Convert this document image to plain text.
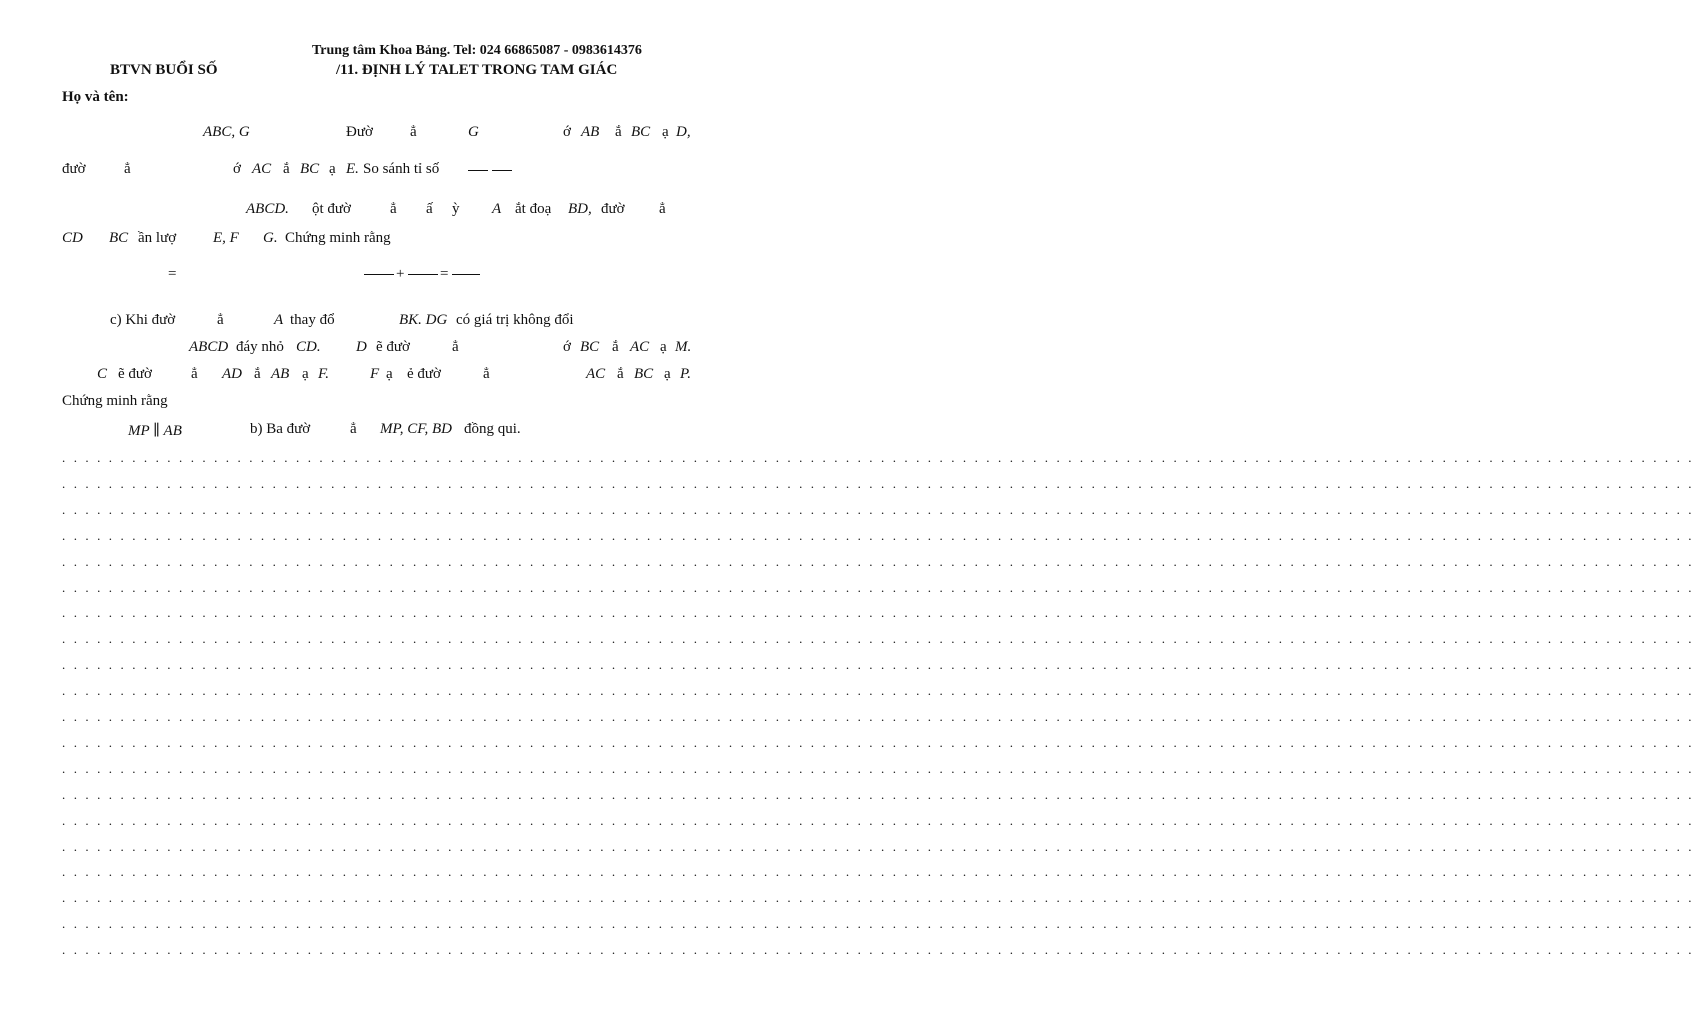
Trung tâm Khoa Bảng. Tel: 024 66865087 - 0983614376
BTVN BUỔI SỐ	/11. ĐỊNH LÝ TALET TRONG TAM GIÁC
Họ và tên:
ABC, G	Đườ ẳ	G	ớ AB ắ BC ạ D,
đườ	ẳ	ớ AC ắ BC ạ E. So sánh tỉ số
ABCD. ột đườ	ẳ ấ ỳ A ắt đoạ BD, đườ ẳ
CD BC ần lượ E, F G. Chứng minh rằng
c) Khi đườ	ẳ	A thay đổ	BK. DG có giá trị không đổi
ABCD đáy nhỏ CD. D ẽ đườ	ẳ	ớ BC ắ AC ạ M.
C ẽ đườ	ẳ AD ắ AB ạ F.	F ạ ẻ đườ	ẳ	AC ắ BC ạ P.
Chứng minh rằng
MP ∥ AB	b) Ba đườ	ẳ MP, CF, BD đồng qui.
=	+ =
. . . . . . . . . . . . . . . . . . . . . . . . . . . . . . . . . . . . . . . . . . . . . . . . . . . . . . . . . . . . . . . . . . . . . . . . . . . . . . . . . . . . . . . . . . . . . . . . . . . . . . . . . . . . . . . . . . . . . . . . . . . . . . . . . . . . . . . . . . . .
. . . . . . . . . . . . . . . . . . . . . . . . . . . . . . . . . . . . . . . . . . . . . . . . . . . . . . . . . . . . . . . . . . . . . . . . . . . . . . . . . . . . . . . . . . . . . . . . . . . . . . . . . . . . . . . . . . . . . . . . . . . . . . . . . . . . . . . . . . . .
. . . . . . . . . . . . . . . . . . . . . . . . . . . . . . . . . . . . . . . . . . . . . . . . . . . . . . . . . . . . . . . . . . . . . . . . . . . . . . . . . . . . . . . . . . . . . . . . . . . . . . . . . . . . . . . . . . . . . . . . . . . . . . . . . . . . . . . . . . . .
. . . . . . . . . . . . . . . . . . . . . . . . . . . . . . . . . . . . . . . . . . . . . . . . . . . . . . . . . . . . . . . . . . . . . . . . . . . . . . . . . . . . . . . . . . . . . . . . . . . . . . . . . . . . . . . . . . . . . . . . . . . . . . . . . . . . . . . . . . . .
. . . . . . . . . . . . . . . . . . . . . . . . . . . . . . . . . . . . . . . . . . . . . . . . . . . . . . . . . . . . . . . . . . . . . . . . . . . . . . . . . . . . . . . . . . . . . . . . . . . . . . . . . . . . . . . . . . . . . . . . . . . . . . . . . . . . . . . . . . . .
. . . . . . . . . . . . . . . . . . . . . . . . . . . . . . . . . . . . . . . . . . . . . . . . . . . . . . . . . . . . . . . . . . . . . . . . . . . . . . . . . . . . . . . . . . . . . . . . . . . . . . . . . . . . . . . . . . . . . . . . . . . . . . . . . . . . . . . . . . . .
. . . . . . . . . . . . . . . . . . . . . . . . . . . . . . . . . . . . . . . . . . . . . . . . . . . . . . . . . . . . . . . . . . . . . . . . . . . . . . . . . . . . . . . . . . . . . . . . . . . . . . . . . . . . . . . . . . . . . . . . . . . . . . . . . . . . . . . . . . . .
. . . . . . . . . . . . . . . . . . . . . . . . . . . . . . . . . . . . . . . . . . . . . . . . . . . . . . . . . . . . . . . . . . . . . . . . . . . . . . . . . . . . . . . . . . . . . . . . . . . . . . . . . . . . . . . . . . . . . . . . . . . . . . . . . . . . . . . . . . . .
. . . . . . . . . . . . . . . . . . . . . . . . . . . . . . . . . . . . . . . . . . . . . . . . . . . . . . . . . . . . . . . . . . . . . . . . . . . . . . . . . . . . . . . . . . . . . . . . . . . . . . . . . . . . . . . . . . . . . . . . . . . . . . . . . . . . . . . . . . . .
. . . . . . . . . . . . . . . . . . . . . . . . . . . . . . . . . . . . . . . . . . . . . . . . . . . . . . . . . . . . . . . . . . . . . . . . . . . . . . . . . . . . . . . . . . . . . . . . . . . . . . . . . . . . . . . . . . . . . . . . . . . . . . . . . . . . . . . . . . . .
. . . . . . . . . . . . . . . . . . . . . . . . . . . . . . . . . . . . . . . . . . . . . . . . . . . . . . . . . . . . . . . . . . . . . . . . . . . . . . . . . . . . . . . . . . . . . . . . . . . . . . . . . . . . . . . . . . . . . . . . . . . . . . . . . . . . . . . . . . . .
. . . . . . . . . . . . . . . . . . . . . . . . . . . . . . . . . . . . . . . . . . . . . . . . . . . . . . . . . . . . . . . . . . . . . . . . . . . . . . . . . . . . . . . . . . . . . . . . . . . . . . . . . . . . . . . . . . . . . . . . . . . . . . . . . . . . . . . . . . . .
. . . . . . . . . . . . . . . . . . . . . . . . . . . . . . . . . . . . . . . . . . . . . . . . . . . . . . . . . . . . . . . . . . . . . . . . . . . . . . . . . . . . . . . . . . . . . . . . . . . . . . . . . . . . . . . . . . . . . . . . . . . . . . . . . . . . . . . . . . . .
. . . . . . . . . . . . . . . . . . . . . . . . . . . . . . . . . . . . . . . . . . . . . . . . . . . . . . . . . . . . . . . . . . . . . . . . . . . . . . . . . . . . . . . . . . . . . . . . . . . . . . . . . . . . . . . . . . . . . . . . . . . . . . . . . . . . . . . . . . . .
. . . . . . . . . . . . . . . . . . . . . . . . . . . . . . . . . . . . . . . . . . . . . . . . . . . . . . . . . . . . . . . . . . . . . . . . . . . . . . . . . . . . . . . . . . . . . . . . . . . . . . . . . . . . . . . . . . . . . . . . . . . . . . . . . . . . . . . . . . . .
. . . . . . . . . . . . . . . . . . . . . . . . . . . . . . . . . . . . . . . . . . . . . . . . . . . . . . . . . . . . . . . . . . . . . . . . . . . . . . . . . . . . . . . . . . . . . . . . . . . . . . . . . . . . . . . . . . . . . . . . . . . . . . . . . . . . . . . . . . . .
. . . . . . . . . . . . . . . . . . . . . . . . . . . . . . . . . . . . . . . . . . . . . . . . . . . . . . . . . . . . . . . . . . . . . . . . . . . . . . . . . . . . . . . . . . . . . . . . . . . . . . . . . . . . . . . . . . . . . . . . . . . . . . . . . . . . . . . . . . . .
. . . . . . . . . . . . . . . . . . . . . . . . . . . . . . . . . . . . . . . . . . . . . . . . . . . . . . . . . . . . . . . . . . . . . . . . . . . . . . . . . . . . . . . . . . . . . . . . . . . . . . . . . . . . . . . . . . . . . . . . . . . . . . . . . . . . . . . . . . . .
. . . . . . . . . . . . . . . . . . . . . . . . . . . . . . . . . . . . . . . . . . . . . . . . . . . . . . . . . . . . . . . . . . . . . . . . . . . . . . . . . . . . . . . . . . . . . . . . . . . . . . . . . . . . . . . . . . . . . . . . . . . . . . . . . . . . . . . . . . . .
. . . . . . . . . . . . . . . . . . . . . . . . . . . . . . . . . . . . . . . . . . . . . . . . . . . . . . . . . . . . . . . . . . . . . . . . . . . . . . . . . . . . . . . . . . . . . . . . . . . . . . . . . . . . . . . . . . . . . . . . . . . . . . . . . . . . . . . . . . . .
